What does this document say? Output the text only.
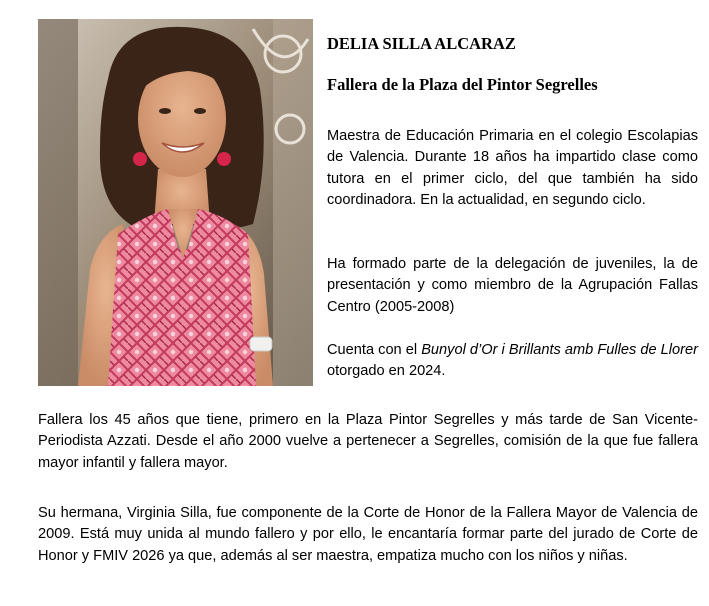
DELIA SILLA ALCARAZ
Fallera de la Plaza del Pintor Segrelles

Maestra de Educación Primaria en el colegio Escolapias de Valencia. Durante 18 años ha impartido clase como tutora en el primer ciclo, del que también ha sido coordinadora. En la actualidad, en segundo ciclo.

Ha formado parte de la delegación de juveniles, la de presentación y como miembro de la Agrupación Fallas Centro (2005-2008)

Cuenta con el Bunyol d’Or i Brillants amb Fulles de Llorer otorgado en 2024.

Fallera los 45 años que tiene, primero en la Plaza Pintor Segrelles y más tarde de San Vicente-Periodista Azzati. Desde el año 2000 vuelve a pertenecer a Segrelles, comisión de la que fue fallera mayor infantil y fallera mayor.

Su hermana, Virginia Silla, fue componente de la Corte de Honor de la Fallera Mayor de Valencia de 2009. Está muy unida al mundo fallero y por ello, le encantaría formar parte del jurado de Corte de Honor y FMIV 2026 ya que, además al ser maestra, empatiza mucho con los niños y niñas.
